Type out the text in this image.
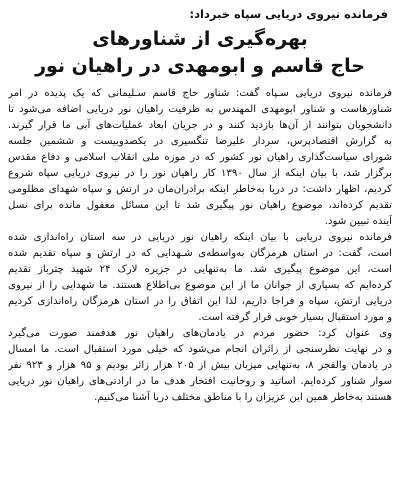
فرمانده نیروی دریایی سپاه خبرداد:
بهره‌گیری از شناورهای
حاج قاسم و ابومهدی در راهیان نور
فرمانده نیروی دریایی سـپاه گفت: شناور حاج قاسم سـلیمانی که یک پدیده در امر
شناورهاست و شناور ابومهدی المهندس به ظرفیت راهیان نور دریایی اضافه می‌شود تا
دانشجویان بتوانند از آن‌ها بازدید کنند و در جریان ابعاد عملیات‌های آبی ما قرار گیرند.
به گزارش اقتصادپرس، سردار علیرضا تنگسیری در یکصدوبیست و ششمین جلسه
شورای سیاست‌گذاری راهیان نور کشور که در موزه ملی انقلاب اسلامی و دفاع مقدس
برگزار شد، با بیان اینکه از سال ۱۳۹۰ کار راهیان نور را در نیروی دریایی سپاه شروع
کردیم، اظهار داشت: در دریا به‌خاطر اینکه برادران‌مان در ارتش و سپاه شهدای مظلومی
تقدیم کرده‌اند، موضوع راهیان نور پیگیری شد تا این مسائل مغفول مانده برای نسل
آینده تبیین شود.
فرمانده نیروی دریایی با بیان اینکه راهیان نور دریایی در سه استان راه‌اندازی شده
است، گفت: در استان هرمزگان به‌واسطه‌ی شـهدایی که در ارتش و سپاه تقدیم شده
است، این موضوع پیگیری شد. ما به‌تنهایی در جزیره لارک ۲۴ شهید چترباز تقدیم
کرده‌ایم که بسیاری از جوانان ما از این موضوع بی‌اطلاع هستند. ما شهدایی را از نیروی
دریایی ارتش، سپاه و فراجا داریم، لذا این اتفاق را در استان هرمزگان راه‌اندازی کردیم
و مورد استقبال بسیار خوبی قرار گرفته است.
وی عنوان کرد: حضور مردم در یادمان‌های راهیان نور هدفمند صورت می‌گیرد
و در نهایت نظرسنجی از زائران انجام می‌شود که خیلی مورد استقبال است. ما امسال
در یادمان والفجر ۸، به‌تنهایی میزبان بیش از ۲۰۵ هزار زائر بودیم و ۹۵ هزار و ۹۲۳ نفر
سوار شناور کرده‌ایم. اساتید و روحانیت افتخار هدف ما در ارادتی‌های راهیان نور دریایی
هستند به‌خاطر همین این عزیزان را با مناطق مختلف دریا آشنا می‌کنیم.
